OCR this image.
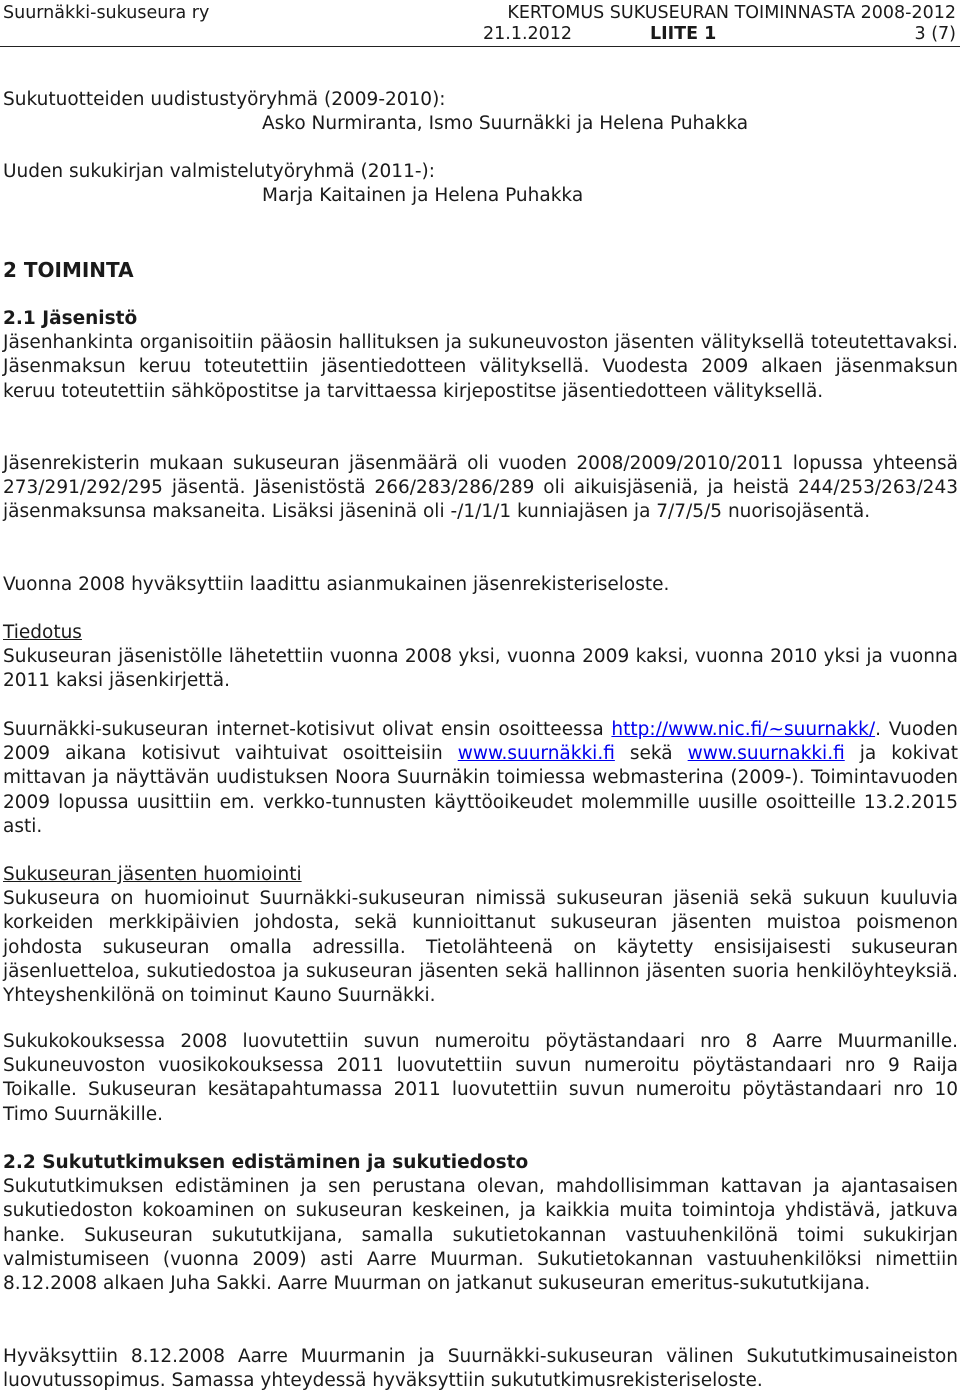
Suurnäkki-sukuseura ry	KERTOMUS SUKUSEURAN TOIMINNASTA 2008-2012
21.1.2012	LIITE 1	3 (7)
Sukutuotteiden uudistustyöryhmä (2009-2010):
Asko Nurmiranta, Ismo Suurnäkki ja Helena Puhakka
Uuden sukukirjan valmistelutyöryhmä (2011-):
Marja Kaitainen ja Helena Puhakka
2 TOIMINTA
2.1 Jäsenistö

Jäsenhankinta organisoitiin pääosin hallituksen ja sukuneuvoston jäsenten välityksellä toteutettavaksi. Jäsenmaksun keruu toteutettiin jäsentiedotteen välityksellä. Vuodesta 2009 alkaen jäsenmaksun keruu toteutettiin sähköpostitse ja tarvittaessa kirjepostitse jäsentiedotteen välityksellä.

Jäsenrekisterin mukaan sukuseuran jäsenmäärä oli vuoden 2008/2009/2010/2011 lopussa yhteensä 273/291/292/295 jäsentä. Jäsenistöstä 266/283/286/289 oli aikuisjäseniä, ja heistä 244/253/263/243 jäsenmaksunsa maksaneita. Lisäksi jäseninä oli -/1/1/1 kunniajäsen ja 7/7/5/5 nuorisojäsentä.

Vuonna 2008 hyväksyttiin laadittu asianmukainen jäsenrekisteriseloste.

Tiedotus

Sukuseuran jäsenistölle lähetettiin vuonna 2008 yksi, vuonna 2009 kaksi, vuonna 2010 yksi ja vuonna 2011 kaksi jäsenkirjettä.

Suurnäkki-sukuseuran internet-kotisivut olivat ensin osoitteessa http://www.nic.fi/~suurnakk/. Vuoden 2009 aikana kotisivut vaihtuivat osoitteisiin www.suurnäkki.fi sekä www.suurnakki.fi ja kokivat mittavan ja näyttävän uudistuksen Noora Suurnäkin toimiessa webmasterina (2009-). Toimintavuoden 2009 lopussa uusittiin em. verkko-tunnusten käyttöoikeudet molemmille uusille osoitteille 13.2.2015 asti.

Sukuseuran jäsenten huomiointi

Sukuseura on huomioinut Suurnäkki-sukuseuran nimissä sukuseuran jäseniä sekä sukuun kuuluvia korkeiden merkkipäivien johdosta, sekä kunnioittanut sukuseuran jäsenten muistoa poismenon johdosta sukuseuran omalla adressilla. Tietolähteenä on käytetty ensisijaisesti sukuseuran jäsenluetteloa, sukutiedostoa ja sukuseuran jäsenten sekä hallinnon jäsenten suoria henkilöyhteyksiä. Yhteyshenkilönä on toiminut Kauno Suurnäkki.

Sukukokouksessa 2008 luovutettiin suvun numeroitu pöytästandaari nro 8 Aarre Muurmanille. Sukuneuvoston vuosikokouksessa 2011 luovutettiin suvun numeroitu pöytästandaari nro 9 Raija Toikalle. Sukuseuran kesätapahtumassa 2011 luovutettiin suvun numeroitu pöytästandaari nro 10 Timo Suurnäkille.

2.2 Sukututkimuksen edistäminen ja sukutiedosto

Sukututkimuksen edistäminen ja sen perustana olevan, mahdollisimman kattavan ja ajantasaisen sukutiedoston kokoaminen on sukuseuran keskeinen, ja kaikkia muita toimintoja yhdistävä, jatkuva hanke. Sukuseuran sukututkijana, samalla sukutietokannan vastuuhenkilönä toimi sukukirjan valmistumiseen (vuonna 2009) asti Aarre Muurman. Sukutietokannan vastuuhenkilöksi nimettiin 8.12.2008 alkaen Juha Sakki. Aarre Muurman on jatkanut sukuseuran emeritus-sukututkijana.

Hyväksyttiin 8.12.2008 Aarre Muurmanin ja Suurnäkki-sukuseuran välinen Sukututkimusaineiston luovutussopimus. Samassa yhteydessä hyväksyttiin sukututkimusrekisteriseloste.
